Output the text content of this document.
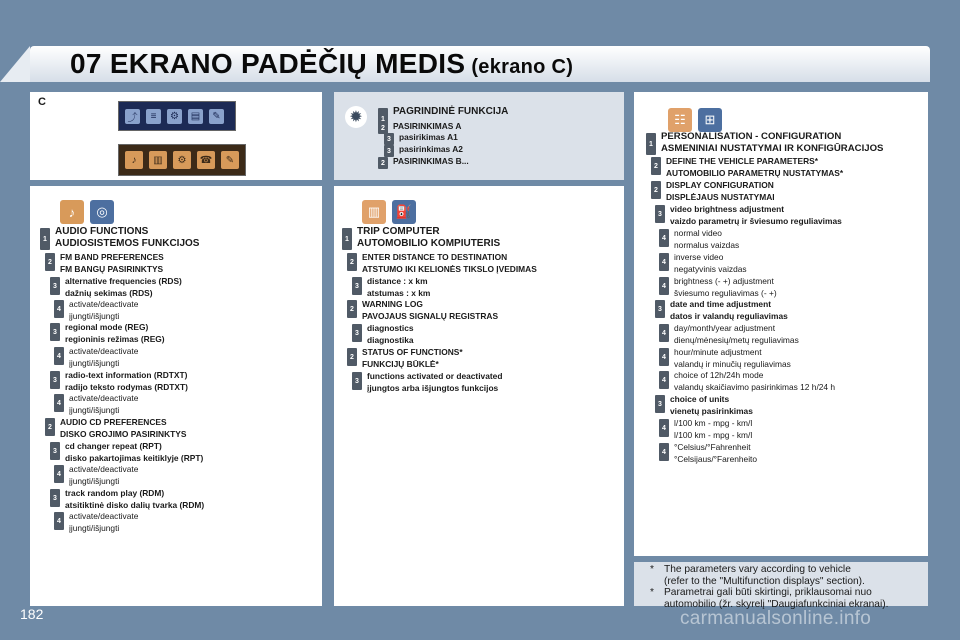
07 EKRANO PADĖČIŲ MEDIS (ekrano C)
C
⤴	≡	⚙	▤	✎
♪	▥	⚙	☎	✎
✹	1
PAGRINDINĖ FUNKCIJA
2 PASIRINKIMAS A
3 pasirikimas A1
3 pasirinkimas A2
2 PASIRINKIMAS B...
♪	◎
1
AUDIO FUNCTIONS
AUDIOSISTEMOS FUNKCIJOS
2 FM BAND PREFERENCES
FM BANGŲ PASIRINKTYS
3 alternative frequencies (RDS)
dažnių sekimas (RDS)
4 activate/deactivate
įjungti/išjungti
3 regional mode (REG)
regioninis režimas (REG)
4 activate/deactivate
įjungti/išjungti
3 radio-text information (RDTXT)
radijo teksto rodymas (RDTXT)
4 activate/deactivate
įjungti/išjungti
2 AUDIO CD PREFERENCES
DISKO GROJIMO PASIRINKTYS
3 cd changer repeat (RPT)
disko pakartojimas keitiklyje (RPT)
4 activate/deactivate
įjungti/išjungti
3 track random play (RDM)
atsitiktinė disko dalių tvarka (RDM)
4 activate/deactivate
įjungti/išjungti
▥	⛽
1
TRIP COMPUTER
AUTOMOBILIO KOMPIUTERIS
2 ENTER DISTANCE TO DESTINATION
ATSTUMO IKI KELIONĖS TIKSLO ĮVEDIMAS
3 distance : x km
atstumas : x km
2 WARNING LOG
PAVOJAUS SIGNALŲ REGISTRAS
3 diagnostics
diagnostika
2 STATUS OF FUNCTIONS*
FUNKCIJŲ BŪKLĖ*
3 functions activated or deactivated
įjungtos arba išjungtos funkcijos
☷	⊞
1
PERSONALISATION - CONFIGURATION
ASMENINIAI NUSTATYMAI IR KONFIGŪRACIJOS
2 DEFINE THE VEHICLE PARAMETERS*
AUTOMOBILIO PARAMETRŲ NUSTATYMAS*
2 DISPLAY CONFIGURATION
DISPLĖJAUS NUSTATYMAI
3 video brightness adjustment
vaizdo parametrų ir šviesumo reguliavimas
4 normal video
normalus vaizdas
4 inverse video
negatyvinis vaizdas
4 brightness (- +) adjustment
šviesumo reguliavimas (- +)
3 date and time adjustment
datos ir valandų reguliavimas
4 day/month/year adjustment
dienų/mėnesių/metų reguliavimas
4 hour/minute adjustment
valandų ir minučių reguliavimas
4 choice of 12h/24h mode
valandų skaičiavimo pasirinkimas 12 h/24 h
3 choice of units
vienetų pasirinkimas
4 l/100 km - mpg - km/l
l/100 km - mpg - km/l
4 °Celsius/°Fahrenheit
°Celsijaus/°Farenheito
* The parameters vary according to vehicle
(refer to the "Multifunction displays" section).
* Parametrai gali būti skirtingi, priklausomai nuo
automobilio (žr. skyrelį "Daugiafunkciniai ekranai).
182	carmanualsonline.info
